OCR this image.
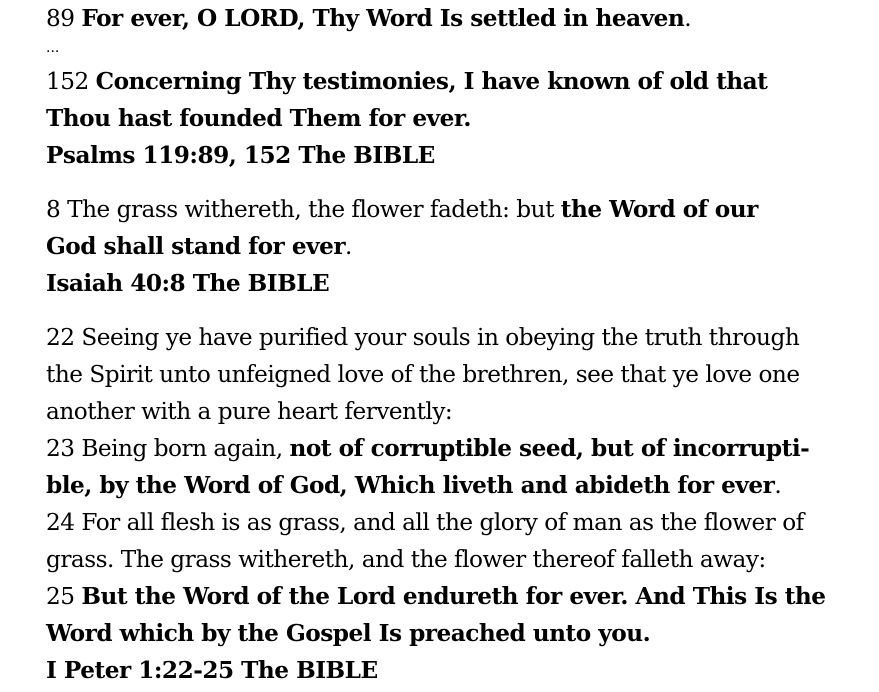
89 For ever, O LORD, Thy Word Is settled in heaven.
...
152 Concerning Thy testimonies, I have known of old that
Thou hast founded Them for ever.
Psalms 119:89, 152 The BIBLE
8 The grass withereth, the flower fadeth: but the Word of our
God shall stand for ever.
Isaiah 40:8 The BIBLE
22 Seeing ye have purified your souls in obeying the truth through
the Spirit unto unfeigned love of the brethren, see that ye love one
another with a pure heart fervently:
23 Being born again, not of corruptible seed, but of incorrupti-
ble, by the Word of God, Which liveth and abideth for ever.
24 For all flesh is as grass, and all the glory of man as the flower of
grass. The grass withereth, and the flower thereof falleth away:
25 But the Word of the Lord endureth for ever. And This Is the
Word which by the Gospel Is preached unto you.
I Peter 1:22-25 The BIBLE
